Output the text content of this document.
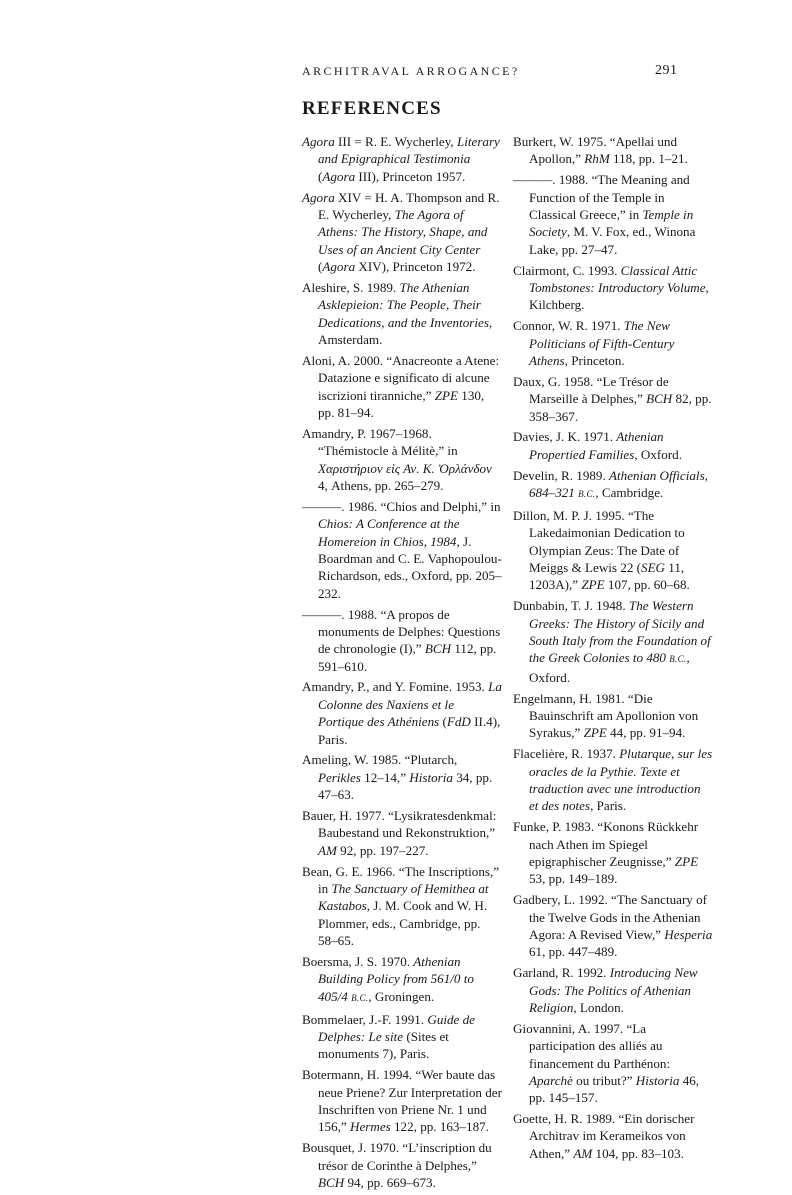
ARCHITRAVAL ARROGANCE?	291
REFERENCES
Agora III = R. E. Wycherley, Literary and Epigraphical Testimonia (Agora III), Princeton 1957.
Agora XIV = H. A. Thompson and R. E. Wycherley, The Agora of Athens: The History, Shape, and Uses of an Ancient City Center (Agora XIV), Princeton 1972.
Aleshire, S. 1989. The Athenian Asklepieion: The People, Their Dedications, and the Inventories, Amsterdam.
Aloni, A. 2000. “Anacreonte a Atene: Datazione e significato di alcune iscrizioni tiranniche,” ZPE 130, pp. 81–94.
Amandry, P. 1967–1968. “Thémistocle à Mélitè,” in Χαριστήριον εἰς Αν. Κ. Ὀρλάνδον 4, Athens, pp. 265–279.
———. 1986. “Chios and Delphi,” in Chios: A Conference at the Homereion in Chios, 1984, J. Boardman and C. E. Vaphopoulou-Richardson, eds., Oxford, pp. 205–232.
———. 1988. “A propos de monuments de Delphes: Questions de chronologie (I),” BCH 112, pp. 591–610.
Amandry, P., and Y. Fomine. 1953. La Colonne des Naxiens et le Portique des Athéniens (FdD II.4), Paris.
Ameling, W. 1985. “Plutarch, Perikles 12–14,” Historia 34, pp. 47–63.
Bauer, H. 1977. “Lysikratesdenkmal: Baubestand und Rekonstruktion,” AM 92, pp. 197–227.
Bean, G. E. 1966. “The Inscriptions,” in The Sanctuary of Hemithea at Kastabos, J. M. Cook and W. H. Plommer, eds., Cambridge, pp. 58–65.
Boersma, J. S. 1970. Athenian Building Policy from 561/0 to 405/4 B.C., Groningen.
Bommelaer, J.-F. 1991. Guide de Delphes: Le site (Sites et monuments 7), Paris.
Botermann, H. 1994. “Wer baute das neue Priene? Zur Interpretation der Inschriften von Priene Nr. 1 und 156,” Hermes 122, pp. 163–187.
Bousquet, J. 1970. “L’inscription du trésor de Corinthe à Delphes,” BCH 94, pp. 669–673.
Burkert, W. 1975. “Apellai und Apollon,” RhM 118, pp. 1–21.
———. 1988. “The Meaning and Function of the Temple in Classical Greece,” in Temple in Society, M. V. Fox, ed., Winona Lake, pp. 27–47.
Clairmont, C. 1993. Classical Attic Tombstones: Introductory Volume, Kilchberg.
Connor, W. R. 1971. The New Politicians of Fifth-Century Athens, Princeton.
Daux, G. 1958. “Le Trésor de Marseille à Delphes,” BCH 82, pp. 358–367.
Davies, J. K. 1971. Athenian Propertied Families, Oxford.
Develin, R. 1989. Athenian Officials, 684–321 B.C., Cambridge.
Dillon, M. P. J. 1995. “The Lakedaimonian Dedication to Olympian Zeus: The Date of Meiggs & Lewis 22 (SEG 11, 1203A),” ZPE 107, pp. 60–68.
Dunbabin, T. J. 1948. The Western Greeks: The History of Sicily and South Italy from the Foundation of the Greek Colonies to 480 B.C., Oxford.
Engelmann, H. 1981. “Die Bauinschrift am Apollonion von Syrakus,” ZPE 44, pp. 91–94.
Flacelière, R. 1937. Plutarque, sur les oracles de la Pythie. Texte et traduction avec une introduction et des notes, Paris.
Funke, P. 1983. “Konons Rückkehr nach Athen im Spiegel epigraphischer Zeugnisse,” ZPE 53, pp. 149–189.
Gadbery, L. 1992. “The Sanctuary of the Twelve Gods in the Athenian Agora: A Revised View,” Hesperia 61, pp. 447–489.
Garland, R. 1992. Introducing New Gods: The Politics of Athenian Religion, London.
Giovannini, A. 1997. “La participation des alliés au financement du Parthénon: Aparchè ou tribut?” Historia 46, pp. 145–157.
Goette, H. R. 1989. “Ein dorischer Architrav im Kerameikos von Athen,” AM 104, pp. 83–103.
